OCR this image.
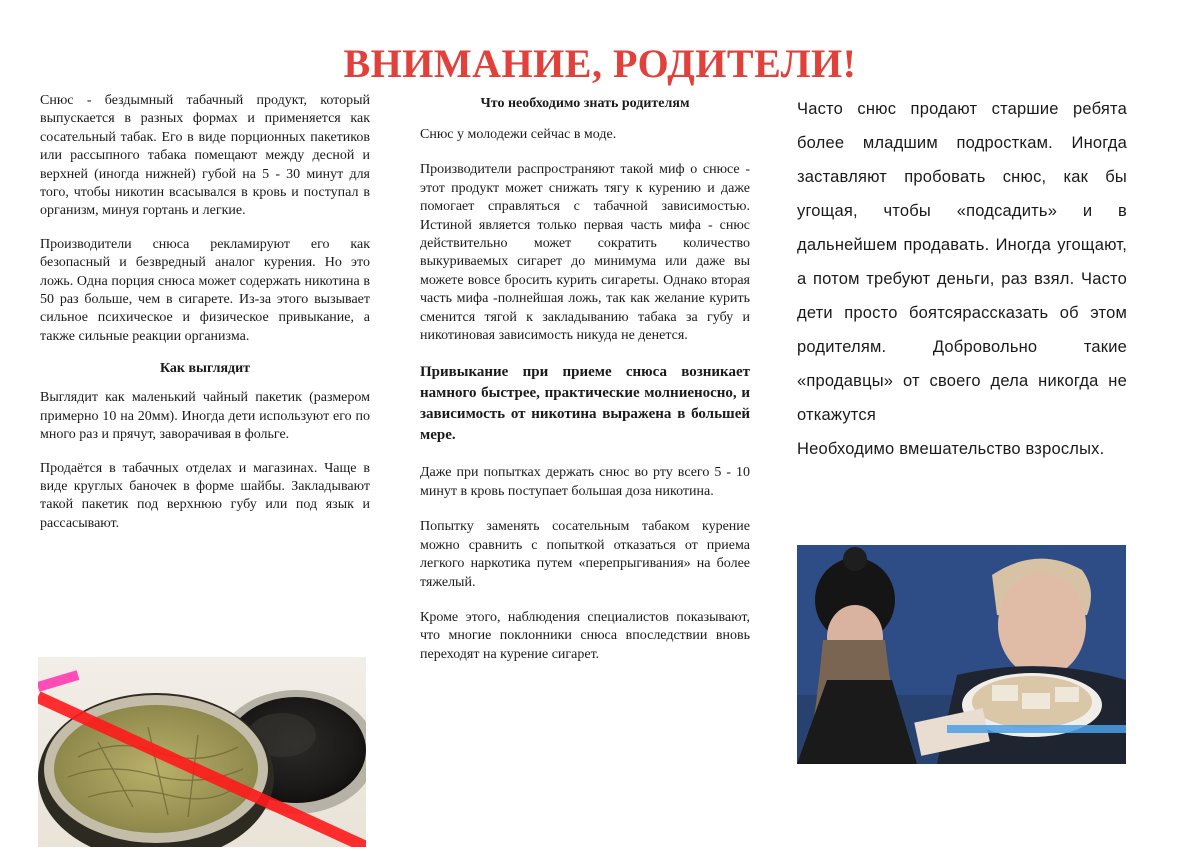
ВНИМАНИЕ, РОДИТЕЛИ!

Снюс - бездымный табачный продукт, который выпускается в разных формах и применяется как сосательный табак. Его в виде порционных пакетиков или рассыпного табака помещают между десной и верхней (иногда нижней) губой на 5 - 30 минут для того, чтобы никотин всасывался в кровь и поступал в организм, минуя гортань и легкие.

Производители снюса рекламируют его как безопасный и безвредный аналог курения. Но это ложь. Одна порция снюса может содержать никотина в 50 раз больше, чем в сигарете. Из-за этого вызывает сильное психическое и физическое привыкание, а также сильные реакции организма.

Как выглядит

Выглядит как маленький чайный пакетик (размером примерно 10 на 20мм). Иногда дети используют его по много раз и прячут, заворачивая в фольге.

Продаётся в табачных отделах и магазинах. Чаще в виде круглых баночек в форме шайбы. Закладывают такой пакетик под верхнюю губу или под язык и рассасывают.

Что необходимо знать родителям

Снюс у молодежи сейчас в моде.

Производители распространяют такой миф о снюсе - этот продукт может снижать тягу к курению и даже помогает справляться с табачной зависимостью. Истиной является только первая часть мифа - снюс действительно может сократить количество выкуриваемых сигарет до минимума или даже вы можете вовсе бросить курить сигареты. Однако вторая часть мифа -полнейшая ложь, так как желание курить сменится тягой к закладыванию табака за губу и никотиновая зависимость никуда не денется.

Привыкание при приеме снюса возникает намного быстрее, практические молниеносно, и зависимость от никотина выражена в большей мере.

Даже при попытках держать снюс во рту всего 5 - 10 минут в кровь поступает большая доза никотина.

Попытку заменять сосательным табаком курение можно сравнить с попыткой отказаться от приема легкого наркотика путем «перепрыгивания» на более тяжелый.

Кроме этого, наблюдения специалистов показывают, что многие поклонники снюса впоследствии вновь переходят на курение сигарет.

Часто снюс продают старшие ребята более младшим подросткам. Иногда заставляют пробовать снюс, как бы угощая, чтобы «подсадить» и в дальнейшем продавать. Иногда угощают, а потом требуют деньги, раз взял. Часто дети просто боятсярассказать об этом родителям. Добровольно такие «продавцы» от своего дела никогда не откажутся

Необходимо вмешательство взрослых.
